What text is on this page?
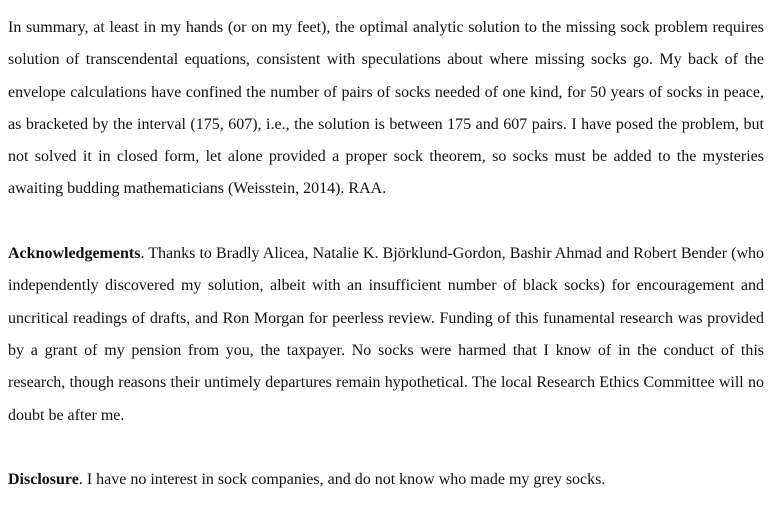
In summary, at least in my hands (or on my feet), the optimal analytic solution to the missing sock problem requires solution of transcendental equations, consistent with speculations about where missing socks go. My back of the envelope calculations have confined the number of pairs of socks needed of one kind, for 50 years of socks in peace, as bracketed by the interval (175, 607), i.e., the solution is between 175 and 607 pairs. I have posed the problem, but not solved it in closed form, let alone provided a proper sock theorem, so socks must be added to the mysteries awaiting budding mathematicians (Weisstein, 2014). RAA.

Acknowledgements. Thanks to Bradly Alicea, Natalie K. Björklund-Gordon, Bashir Ahmad and Robert Bender (who independently discovered my solution, albeit with an insufficient number of black socks) for encouragement and uncritical readings of drafts, and Ron Morgan for peerless review. Funding of this funamental research was provided by a grant of my pension from you, the taxpayer. No socks were harmed that I know of in the conduct of this research, though reasons their untimely departures remain hypothetical. The local Research Ethics Committee will no doubt be after me.

Disclosure. I have no interest in sock companies, and do not know who made my grey socks.
